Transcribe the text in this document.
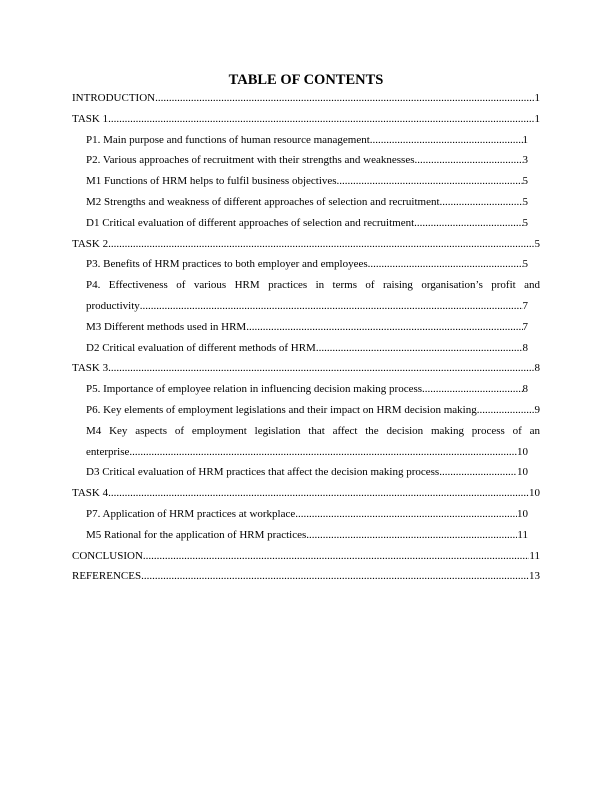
TABLE OF CONTENTS
INTRODUCTION .....	1
TASK 1 .....	1
P1. Main purpose and functions of human resource management .....	1
P2. Various approaches of recruitment with their strengths and weaknesses .....	3
M1 Functions of HRM helps to fulfil business objectives .....	5
M2 Strengths and weakness of different approaches of selection and recruitment .....	5
D1 Critical evaluation of different approaches of selection and recruitment .....	5
TASK 2 .....	5
P3. Benefits of HRM practices to both employer and employees .....	5
P4. Effectiveness of various HRM practices in terms of raising organisation’s profit and
productivity .....	7
M3 Different methods used in HRM .....	7
D2 Critical evaluation of different methods of HRM .....	8
TASK 3 .....	8
P5. Importance of employee relation in influencing decision making process .....	8
P6. Key elements of employment legislations and their impact on HRM decision making .....	9
M4 Key aspects of employment legislation that affect the decision making process of an
enterprise .....	10
D3 Critical evaluation of HRM practices that affect the decision making process .....	10
TASK 4 .....	10
P7. Application of HRM practices at workplace .....	10
M5 Rational for the application of HRM practices .....	11
CONCLUSION .....	11
REFERENCES .....	13
